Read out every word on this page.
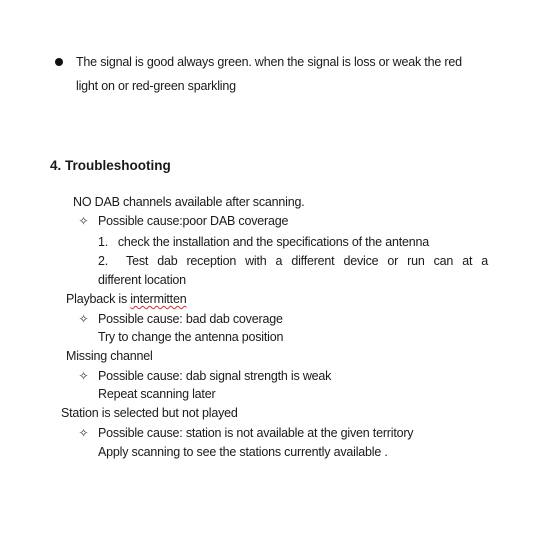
The signal is good always green. when the signal is loss or weak the red
light on or red-green sparkling
4. Troubleshooting
NO DAB channels available after scanning.
✧ Possible cause:poor DAB coverage
1.   check the installation and the specifications of the antenna
2.  Test dab reception with a different device or run can at a
different location
Playback is intermitten
✧ Possible cause: bad dab coverage
Try to change the antenna position
Missing channel
✧ Possible cause: dab signal strength is weak
Repeat scanning later
Station is selected but not played
✧ Possible cause: station is not available at the given territory
Apply scanning to see the stations currently available .
